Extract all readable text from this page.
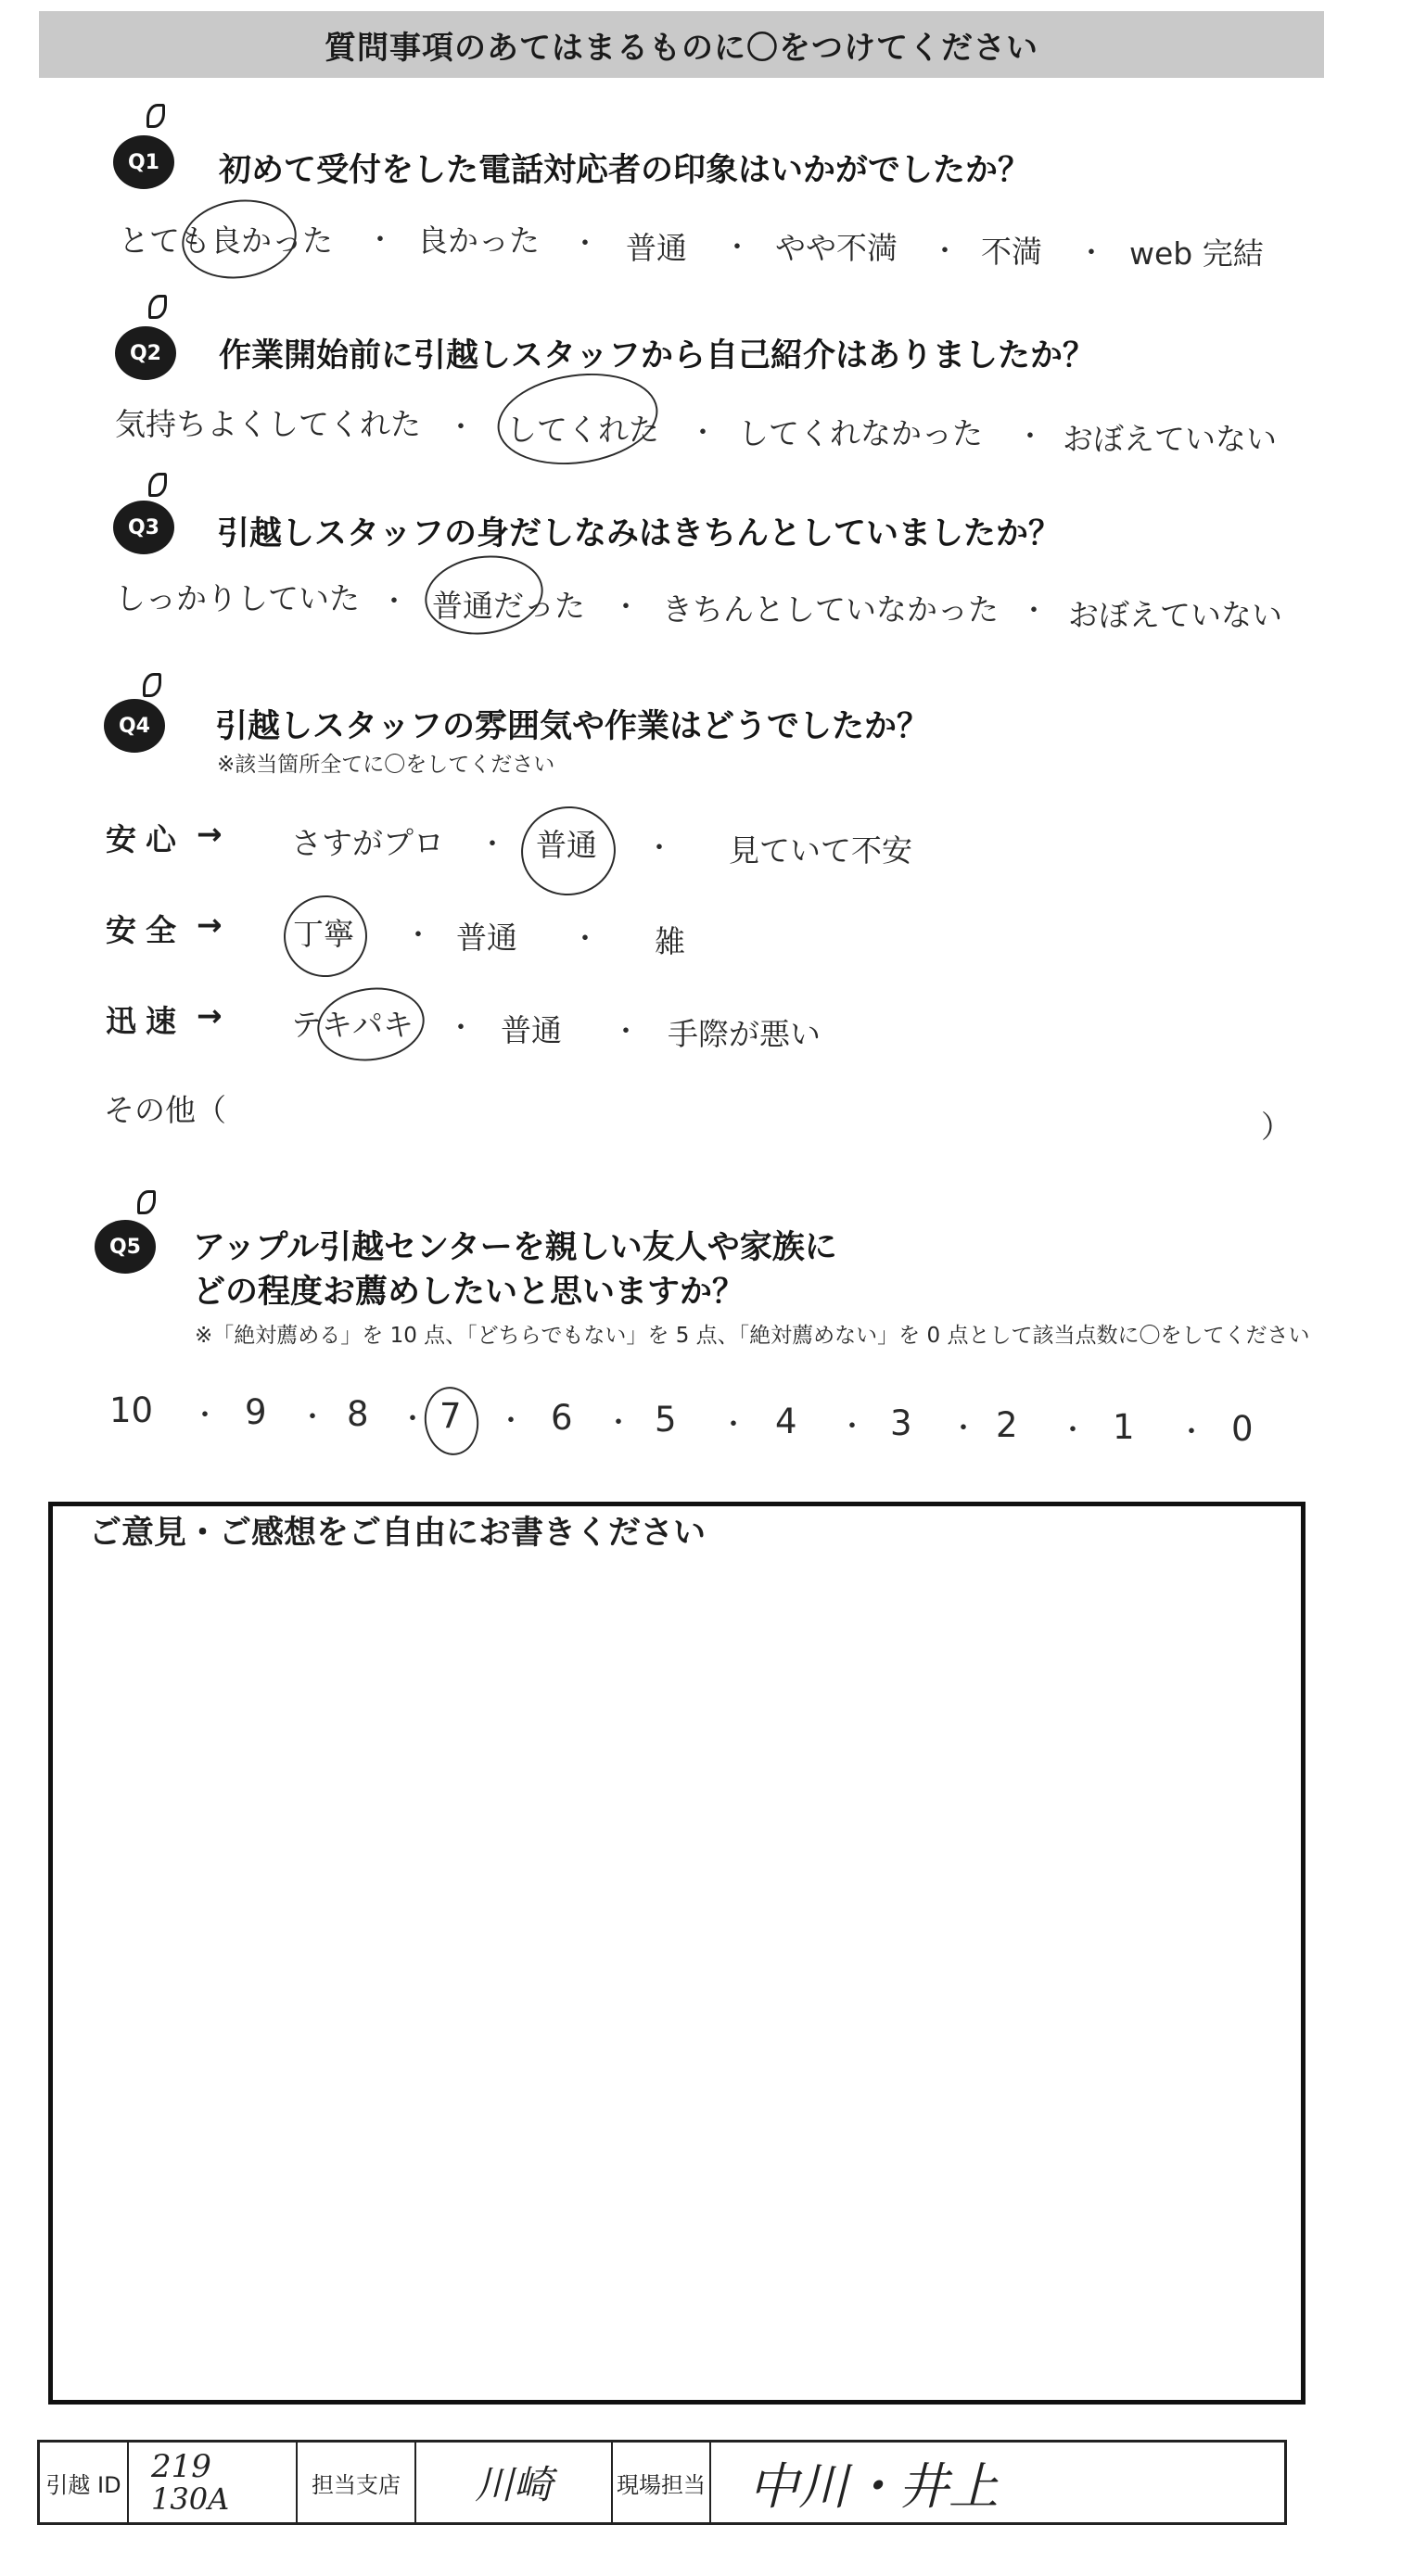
質問事項のあてはまるものに〇をつけてください
Q1 初めて受付をした電話対応者の印象はいかがでしたか？
とても良かった ・ 良かった ・ 普通 ・ やや不満 ・ 不満 ・ web 完結
Q2 作業開始前に引越しスタッフから自己紹介はありましたか？
気持ちよくしてくれた ・ してくれた ・ してくれなかった ・ おぼえていない
Q3 引越しスタッフの身だしなみはきちんとしていましたか？
しっかりしていた ・ 普通だった ・ きちんとしていなかった ・ おぼえていない
Q4 引越しスタッフの雰囲気や作業はどうでしたか？
※該当箇所全てに〇をしてください
安心 → さすがプロ ・ 普通 ・ 見ていて不安
安全 → 丁寧 ・ 普通 ・ 雑
迅速 → テキパキ ・ 普通 ・ 手際が悪い
その他（	）
Q5 アップル引越センターを親しい友人や家族に
どの程度お薦めしたいと思いますか？
※「絶対薦める」を 10 点、「どちらでもない」を 5 点、「絶対薦めない」を 0 点として該当点数に〇をしてください
10 ・ 9 ・ 8 ・ 7 ・ 6 ・ 5 ・ 4 ・ 3 ・ 2 ・ 1 ・ 0
ご意見・ご感想をご自由にお書きください
引越 ID 219
130A	担当支店 川崎	現場担当 中川・井上
